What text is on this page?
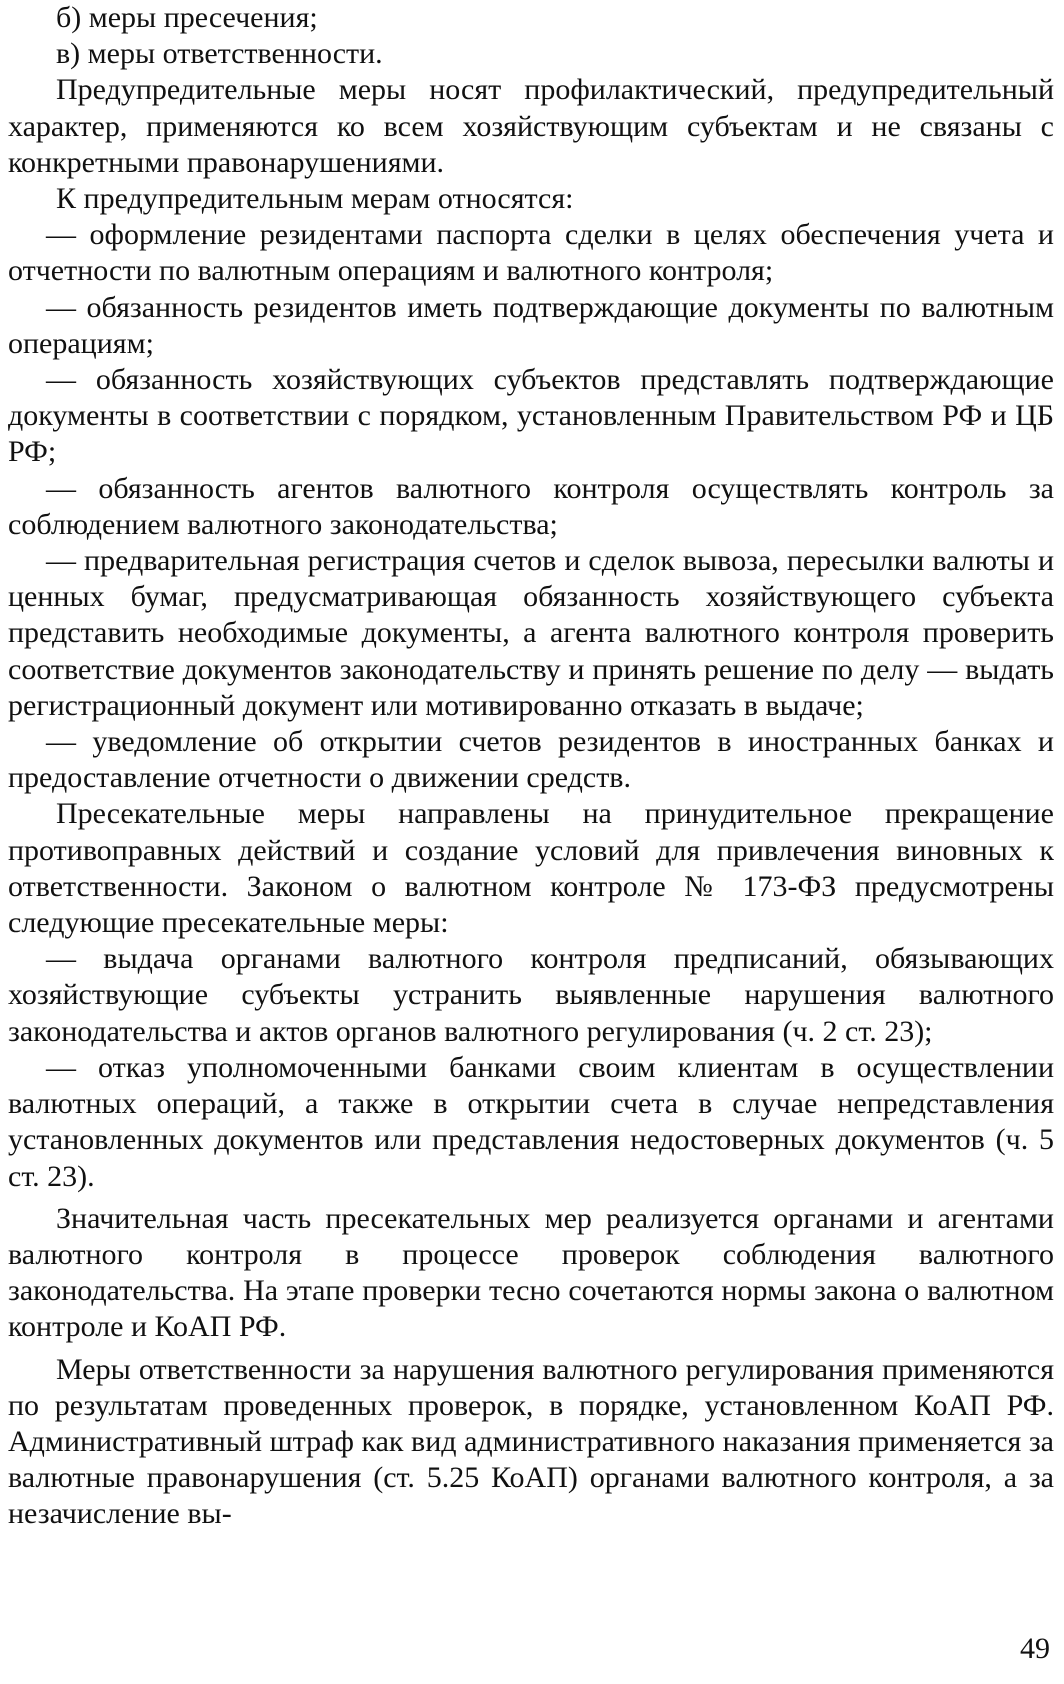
б) меры пресечения;

в) меры ответственности.

Предупредительные меры носят профилактический, предупредительный характер, применяются ко всем хозяйствующим субъектам и не связаны с конкретными правонарушениями.

К предупредительным мерам относятся:

— оформление резидентами паспорта сделки в целях обеспечения учета и отчетности по валютным операциям и валютного контроля;

— обязанность резидентов иметь подтверждающие документы по валютным операциям;

— обязанность хозяйствующих субъектов представлять подтверждающие документы в соответствии с порядком, установленным Правительством РФ и ЦБ РФ;

— обязанность агентов валютного контроля осуществлять контроль за соблюдением валютного законодательства;

— предварительная регистрация счетов и сделок вывоза, пересылки валюты и ценных бумаг, предусматривающая обязанность хозяйствующего субъекта представить необходимые документы, а агента валютного контроля проверить соответствие документов законодательству и принять решение по делу — выдать регистрационный документ или мотивированно отказать в выдаче;

— уведомление об открытии счетов резидентов в иностранных банках и предоставление отчетности о движении средств.

Пресекательные меры направлены на принудительное прекращение противоправных действий и создание условий для привлечения виновных к ответственности. Законом о валютном контроле № 173-ФЗ предусмотрены следующие пресекательные меры:

— выдача органами валютного контроля предписаний, обязывающих хозяйствующие субъекты устранить выявленные нарушения валютного законодательства и актов органов валютного регулирования (ч. 2 ст. 23);

— отказ уполномоченными банками своим клиентам в осуществлении валютных операций, а также в открытии счета в случае непредставления установленных документов или представления недостоверных документов (ч. 5 ст. 23).

Значительная часть пресекательных мер реализуется органами и агентами валютного контроля в процессе проверок соблюдения валютного законодательства. На этапе проверки тесно сочетаются нормы закона о валютном контроле и КоАП РФ.

Меры ответственности за нарушения валютного регулирования применяются по результатам проведенных проверок, в порядке, установленном КоАП РФ. Административный штраф как вид административного наказания применяется за валютные правонарушения (ст. 5.25 КоАП) органами валютного контроля, а за незачисление вы-

49
